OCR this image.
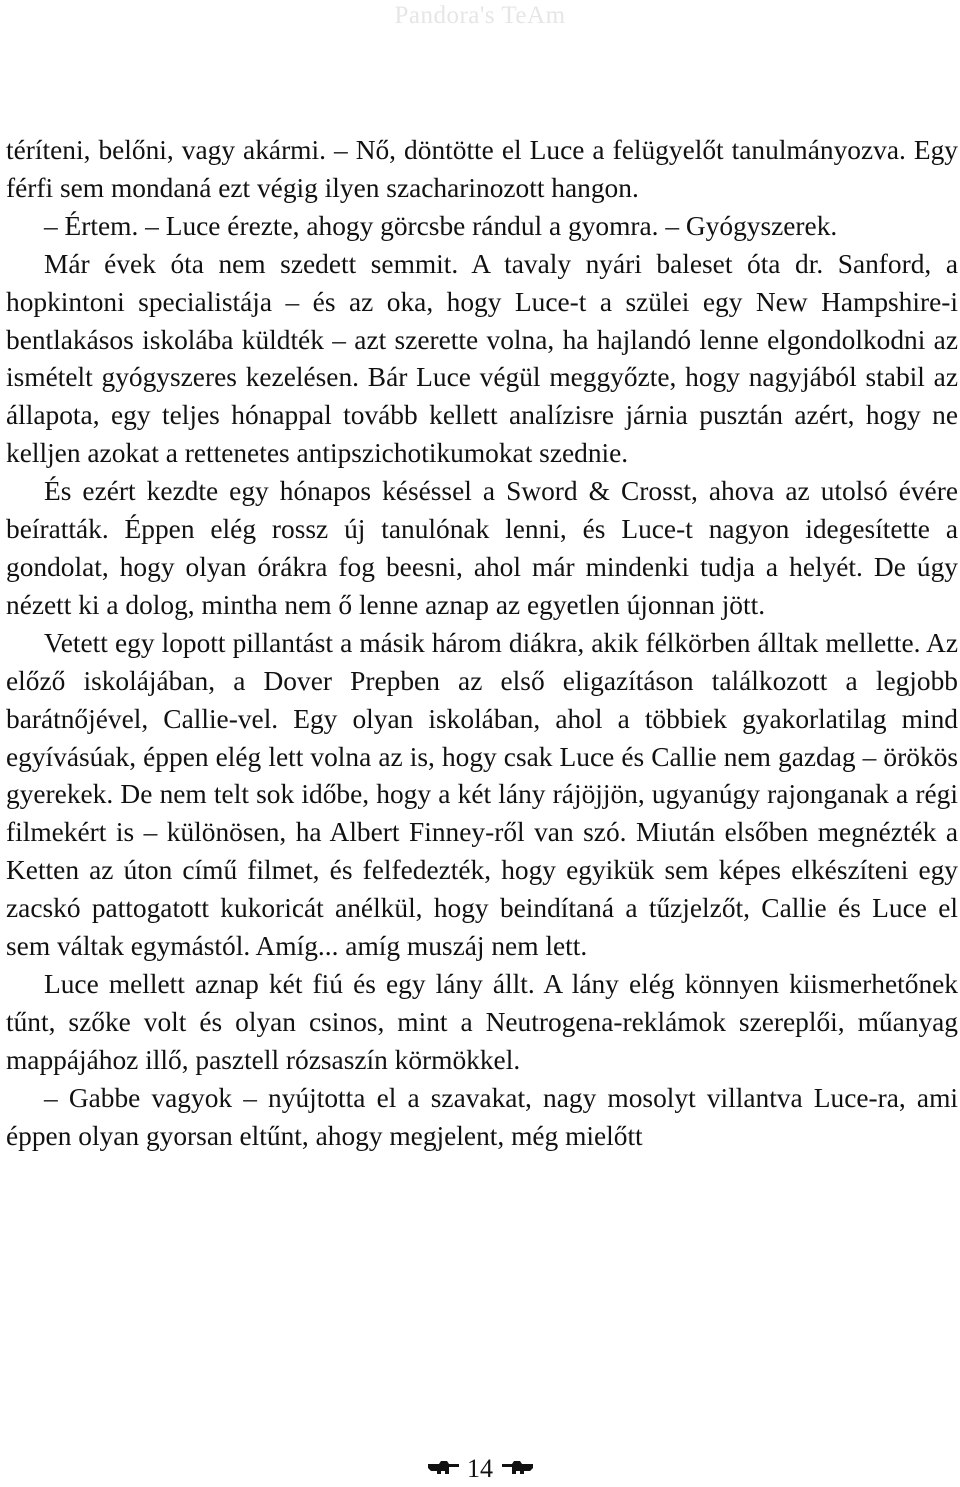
Pandora's TeAm

téríteni, belőni, vagy akármi. – Nő, döntötte el Luce a felügyelőt tanulmányozva. Egy férfi sem mondaná ezt végig ilyen szacharinozott hangon.

– Értem. – Luce érezte, ahogy görcsbe rándul a gyomra. – Gyógyszerek.

Már évek óta nem szedett semmit. A tavaly nyári baleset óta dr. Sanford, a hopkintoni specialistája – és az oka, hogy Luce-t a szülei egy New Hampshire-i bentlakásos iskolába küldték – azt szerette volna, ha hajlandó lenne elgondolkodni az ismételt gyógyszeres kezelésen. Bár Luce végül meggyőzte, hogy nagyjából stabil az állapota, egy teljes hónappal tovább kellett analízisre járnia pusztán azért, hogy ne kelljen azokat a rettenetes antipszichotikumokat szednie.

És ezért kezdte egy hónapos késéssel a Sword & Crosst, ahova az utolsó évére beíratták. Éppen elég rossz új tanulónak lenni, és Luce-t nagyon idegesítette a gondolat, hogy olyan órákra fog beesni, ahol már mindenki tudja a helyét. De úgy nézett ki a dolog, mintha nem ő lenne aznap az egyetlen újonnan jött.

Vetett egy lopott pillantást a másik három diákra, akik félkörben álltak mellette. Az előző iskolájában, a Dover Prepben az első eligazításon találkozott a legjobb barátnőjével, Callie-vel. Egy olyan iskolában, ahol a többiek gyakorlatilag mind egyívásúak, éppen elég lett volna az is, hogy csak Luce és Callie nem gazdag – örökös gyerekek. De nem telt sok időbe, hogy a két lány rájöjjön, ugyanúgy rajonganak a régi filmekért is – különösen, ha Albert Finney-ről van szó. Miután elsőben megnézték a Ketten az úton című filmet, és felfedezték, hogy egyikük sem képes elkészíteni egy zacskó pattogatott kukoricát anélkül, hogy beindítaná a tűzjelzőt, Callie és Luce el sem váltak egymástól. Amíg... amíg muszáj nem lett.

Luce mellett aznap két fiú és egy lány állt. A lány elég könnyen kiismerhetőnek tűnt, szőke volt és olyan csinos, mint a Neutrogena-reklámok szereplői, műanyag mappájához illő, pasztell rózsaszín körmökkel.

– Gabbe vagyok – nyújtotta el a szavakat, nagy mosolyt villantva Luce-ra, ami éppen olyan gyorsan eltűnt, ahogy megjelent, még mielőtt

14
